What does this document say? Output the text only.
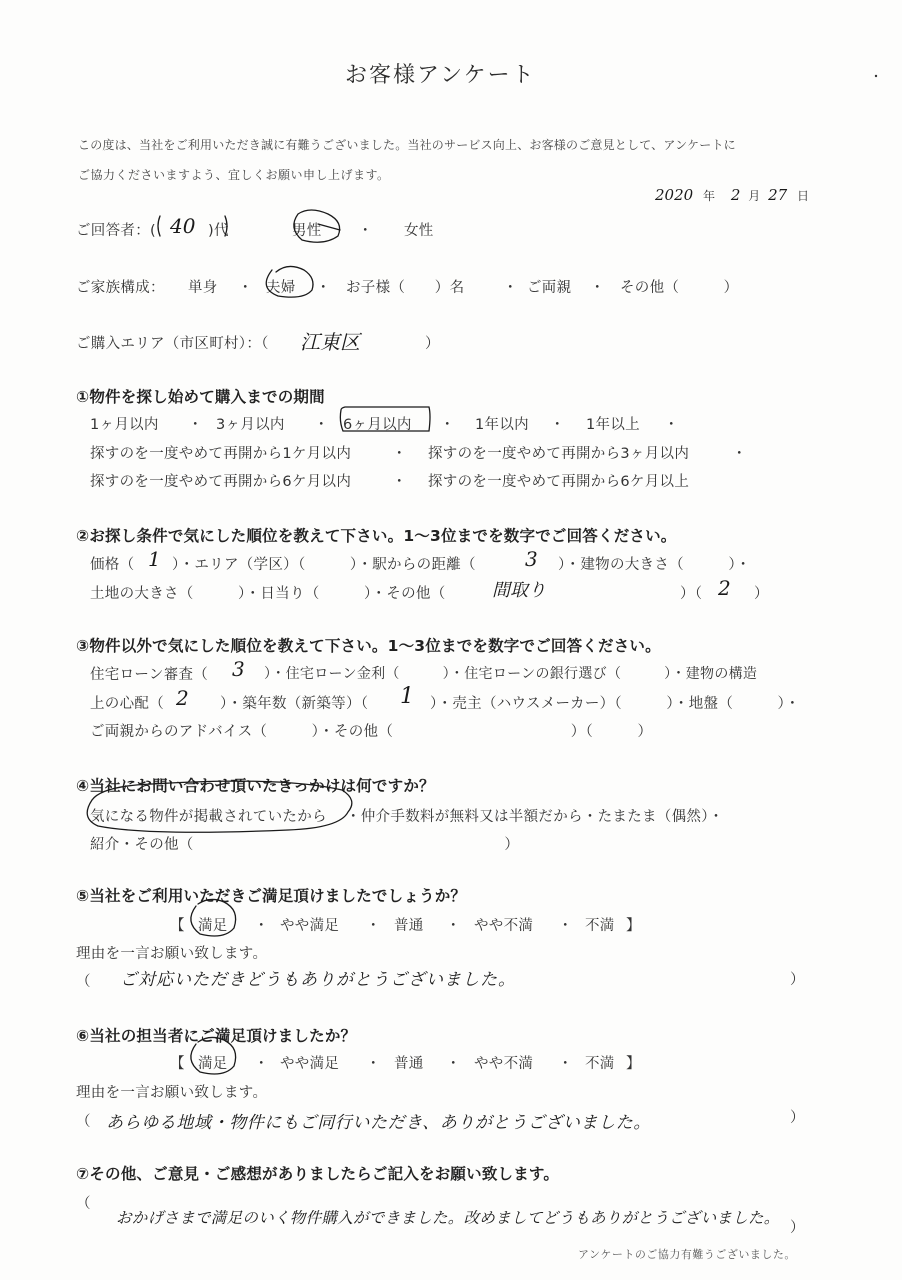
お客様アンケート
この度は、当社をご利用いただき誠に有難うございました。当社のサービス向上、お客様のご意見として、アンケートに
ご協力くださいますよう、宜しくお願い申し上げます。
2020 年 2 月 27 日
ご回答者：( 40 )代	男性	・ 女性
ご家族構成： 単身 ・ 夫婦 ・ お子様（　　）名	・ ご両親 ・ その他（　　　）
ご購入エリア（市区町村）：（ 江東区	）
①物件を探し始めて購入までの期間
1ヶ月以内 ・ 3ヶ月以内 ・ 6ヶ月以内 ・ 1年以内 ・ 1年以上 ・
探すのを一度やめて再開から1ケ月以内	・ 探すのを一度やめて再開から3ヶ月以内	・
探すのを一度やめて再開から6ケ月以内	・ 探すのを一度やめて再開から6ケ月以上
②お探し条件で気にした順位を教えて下さい。1～3位までを数字でご回答ください。
価格（ 1 ）・エリア（学区）（　　　）・駅からの距離（ 3 ）・建物の大きさ（　　　）・
土地の大きさ（　　　）・日当り（　　　）・その他（	間取り	）（ 2 ）
③物件以外で気にした順位を教えて下さい。1～3位までを数字でご回答ください。
住宅ローン審査（ 3 ）・住宅ローン金利（　　　）・住宅ローンの銀行選び（　　　）・建物の構造
上の心配（ 2 ）・築年数（新築等）（ 1 ）・売主（ハウスメーカー）（　　　）・地盤（　　　）・
ご両親からのアドバイス（　　　）・その他（　　　　　　　　　　　　）（　　　）
④当社にお問い合わせ頂いたきっかけは何ですか？
気になる物件が掲載されていたから ・仲介手数料が無料又は半額だから・たまたま（偶然）・
紹介・その他（　　　　　　　　　　　　　　　　　　　　　）
⑤当社をご利用いただきご満足頂けましたでしょうか？
【 満足 ・ やや満足 ・ 普通 ・ やや不満 ・ 不満 】
理由を一言お願い致します。
（ ご対応いただきどうもありがとうございました。	）
⑥当社の担当者にご満足頂けましたか？
【 満足 ・ やや満足 ・ 普通 ・ やや不満 ・ 不満 】
理由を一言お願い致します。
（ あらゆる地域・物件にもご同行いただき、ありがとうございました。	）
⑦その他、ご意見・ご感想がありましたらご記入をお願い致します。
（
おかげさまで満足のいく物件購入ができました。改めましてどうもありがとうございました。
）
アンケートのご協力有難うございました。
